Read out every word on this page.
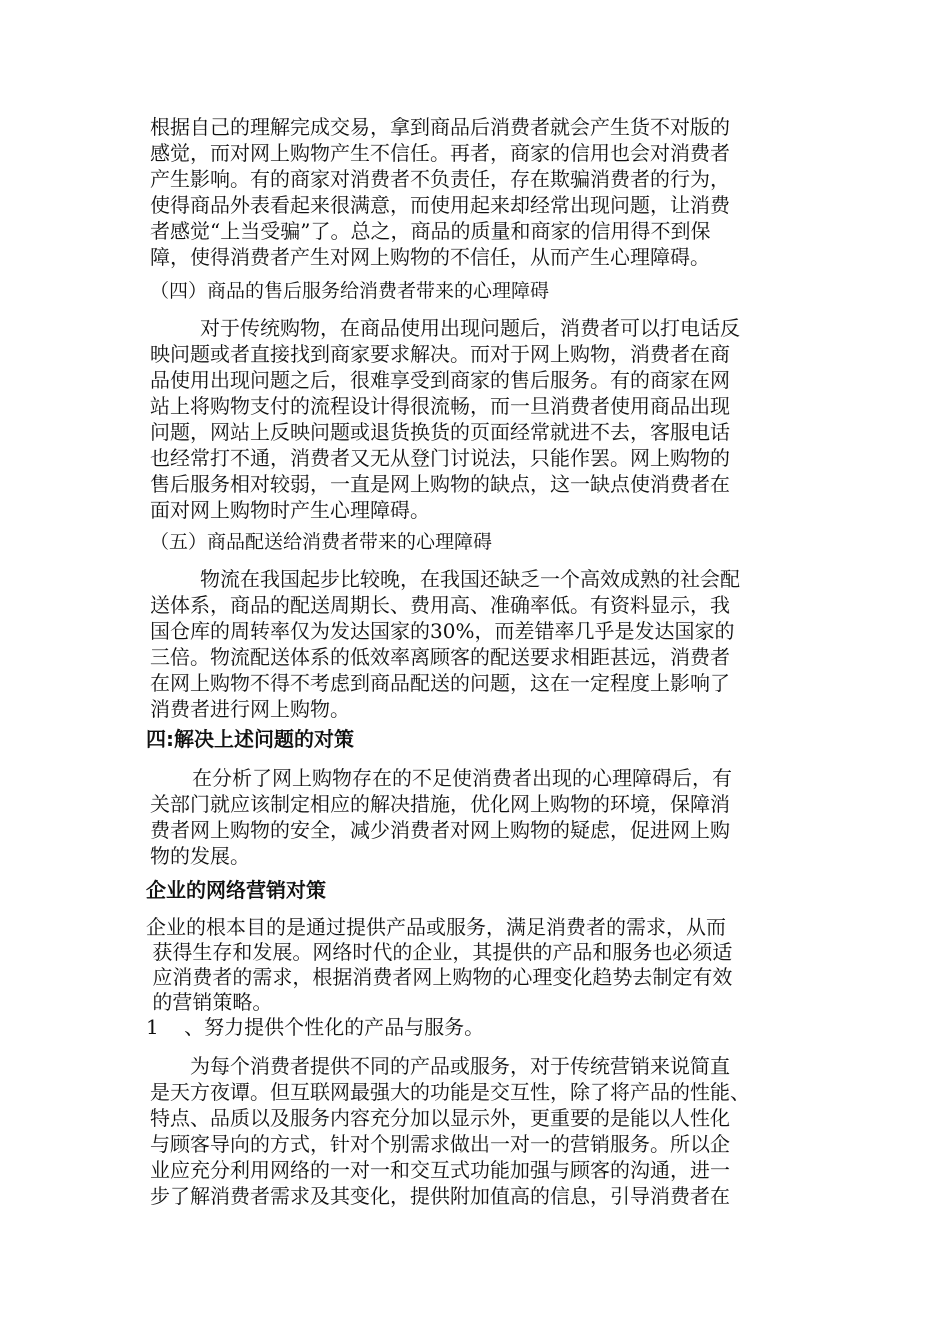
根据自己的理解完成交易，拿到商品后消费者就会产生货不对版的
感觉，而对网上购物产生不信任。再者，商家的信用也会对消费者
产生影响。有的商家对消费者不负责任，存在欺骗消费者的行为，
使得商品外表看起来很满意，而使用起来却经常出现问题，让消费
者感觉“上当受骗”了。总之，商品的质量和商家的信用得不到保
障，使得消费者产生对网上购物的不信任，从而产生心理障碍。
（四）商品的售后服务给消费者带来的心理障碍
对于传统购物，在商品使用出现问题后，消费者可以打电话反
映问题或者直接找到商家要求解决。而对于网上购物，消费者在商
品使用出现问题之后，很难享受到商家的售后服务。有的商家在网
站上将购物支付的流程设计得很流畅，而一旦消费者使用商品出现
问题，网站上反映问题或退货换货的页面经常就进不去，客服电话
也经常打不通，消费者又无从登门讨说法，只能作罢。网上购物的
售后服务相对较弱，一直是网上购物的缺点，这一缺点使消费者在
面对网上购物时产生心理障碍。
（五）商品配送给消费者带来的心理障碍
物流在我国起步比较晚，在我国还缺乏一个高效成熟的社会配
送体系，商品的配送周期长、费用高、准确率低。有资料显示，我
国仓库的周转率仅为发达国家的30%，而差错率几乎是发达国家的
三倍。物流配送体系的低效率离顾客的配送要求相距甚远，消费者
在网上购物不得不考虑到商品配送的问题，这在一定程度上影响了
消费者进行网上购物。
四:解决上述问题的对策
在分析了网上购物存在的不足使消费者出现的心理障碍后，有
关部门就应该制定相应的解决措施，优化网上购物的环境，保障消
费者网上购物的安全，减少消费者对网上购物的疑虑，促进网上购
物的发展。
企业的网络营销对策
企业的根本目的是通过提供产品或服务，满足消费者的需求，从而
获得生存和发展。网络时代的企业，其提供的产品和服务也必须适
应消费者的需求，根据消费者网上购物的心理变化趋势去制定有效
的营销策略。
1    、努力提供个性化的产品与服务。
为每个消费者提供不同的产品或服务，对于传统营销来说简直
是天方夜谭。但互联网最强大的功能是交互性，除了将产品的性能、
特点、品质以及服务内容充分加以显示外，更重要的是能以人性化
与顾客导向的方式，针对个别需求做出一对一的营销服务。所以企
业应充分利用网络的一对一和交互式功能加强与顾客的沟通，进一
步了解消费者需求及其变化，提供附加值高的信息，引导消费者在
